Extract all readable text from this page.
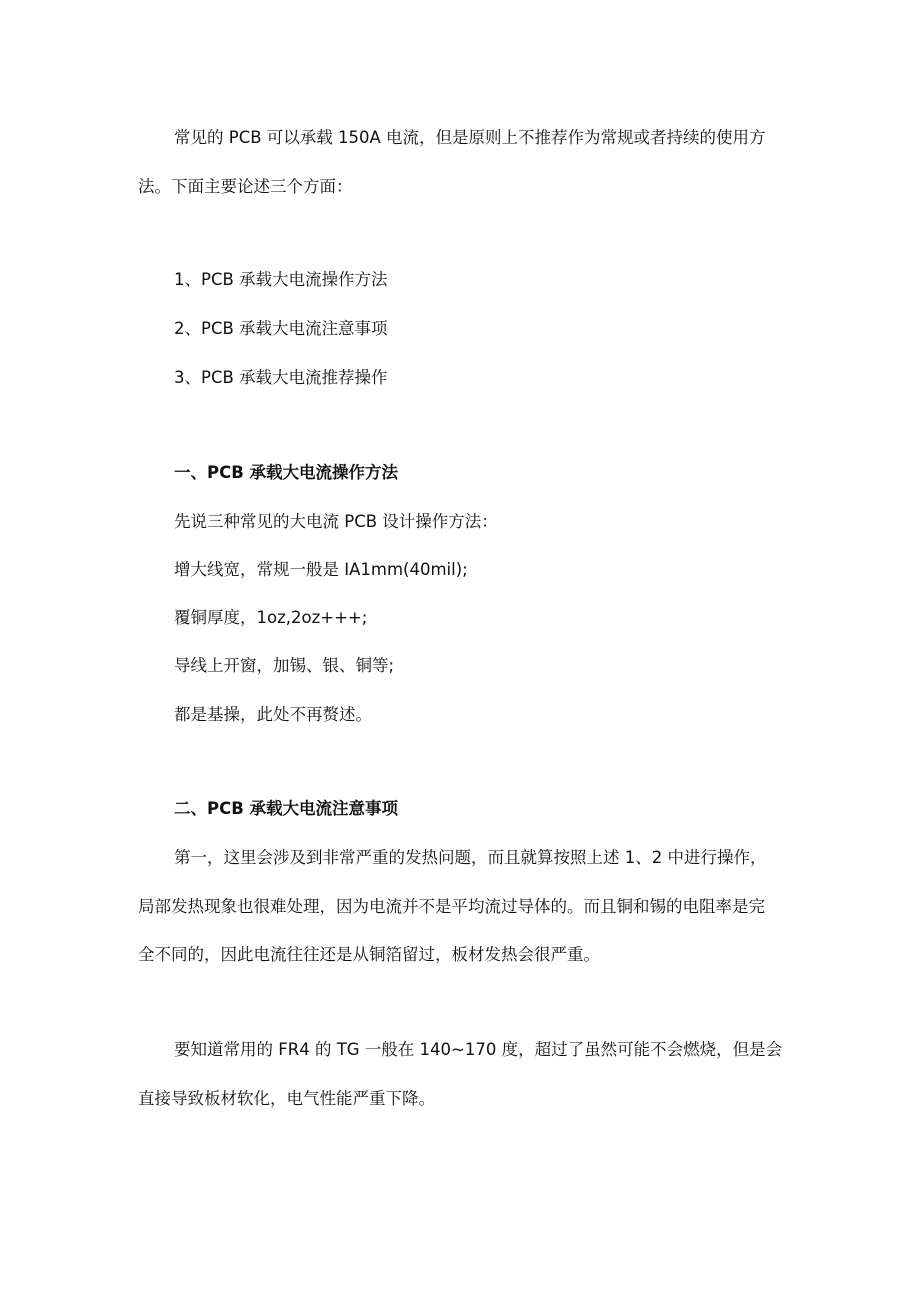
常见的 PCB 可以承载 150A 电流，但是原则上不推荐作为常规或者持续的使用方
法。下面主要论述三个方面：
1、PCB 承载大电流操作方法
2、PCB 承载大电流注意事项
3、PCB 承载大电流推荐操作
一、PCB 承载大电流操作方法
先说三种常见的大电流 PCB 设计操作方法：
增大线宽，常规一般是 IA1mm(40mil);
覆铜厚度，1oz,2oz+++;
导线上开窗，加锡、银、铜等;
都是基操，此处不再赘述。
二、PCB 承载大电流注意事项
第一，这里会涉及到非常严重的发热问题，而且就算按照上述 1、2 中进行操作，
局部发热现象也很难处理，因为电流并不是平均流过导体的。而且铜和锡的电阻率是完
全不同的，因此电流往往还是从铜箔留过，板材发热会很严重。
要知道常用的 FR4 的 TG 一般在 140~170 度，超过了虽然可能不会燃烧，但是会
直接导致板材软化，电气性能严重下降。
